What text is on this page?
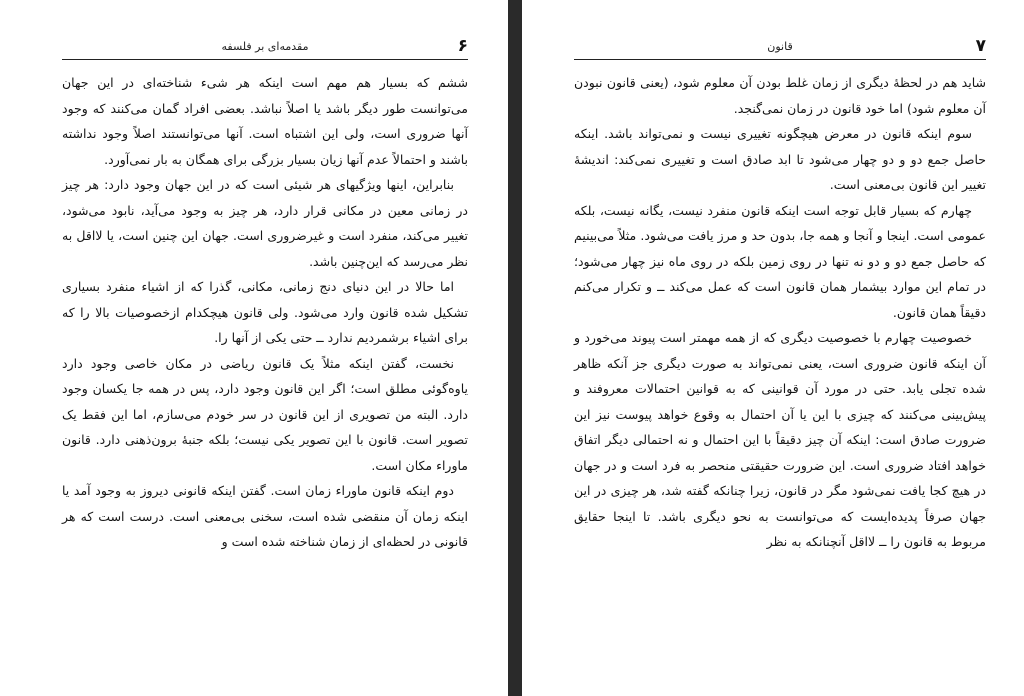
۶
مقدمه‌ای بر فلسفه

ششم که بسیار هم مهم است اینکه هر شیء شناخته‌ای در این جهان می‌توانست طور دیگر باشد یا اصلاً نباشد. بعضی افراد گمان می‌کنند که وجود آنها ضروری است، ولی این اشتباه است. آنها می‌توانستند اصلاً وجود نداشته باشند و احتمالاً عدم آنها زیان بسیار بزرگی برای همگان به بار نمی‌آورد.

بنابراین، اینها ویژگیهای هر شیئی است که در این جهان وجود دارد: هر چیز در زمانی معین در مکانی قرار دارد، هر چیز به وجود می‌آید، نابود می‌شود، تغییر می‌کند، منفرد است و غیرضروری است. جهان این چنین است، یا لااقل به نظر می‌رسد که این‌چنین باشد.

اما حالا در این دنیای دنج زمانی، مکانی، گذرا که از اشیاء منفرد بسیاری تشکیل شده قانون وارد می‌شود. ولی قانون هیچکدام ازخصوصیات بالا را که برای اشیاء برشمردیم ندارد ــ حتی یکی از آنها را.

نخست، گفتن اینکه مثلاً یک قانون ریاضی در مکان خاصی وجود دارد یاوه‌گوئی مطلق است؛ اگر این قانون وجود دارد، پس در همه جا یکسان وجود دارد. البته من تصویری از این قانون در سر خودم می‌سازم، اما این فقط یک تصویر است. قانون با این تصویر یکی نیست؛ بلکه جنبهٔ برون‌ذهنی دارد. قانون ماوراء مکان است.

دوم اینکه قانون ماوراء زمان است. گفتن اینکه قانونی دیروز به وجود آمد یا اینکه زمان آن منقضی شده است، سخنی بی‌معنی است. درست است که هر قانونی در لحظه‌ای از زمان شناخته شده است و

۷
قانون

شاید هم در لحظهٔ دیگری از زمان غلط بودن آن معلوم شود، (یعنی قانون نبودن آن معلوم شود) اما خود قانون در زمان نمی‌گنجد.

سوم اینکه قانون در معرض هیچگونه تغییری نیست و نمی‌تواند باشد. اینکه حاصل جمع دو و دو چهار می‌شود تا ابد صادق است و تغییری نمی‌کند: اندیشهٔ تغییر این قانون بی‌معنی است.

چهارم که بسیار قابل توجه است اینکه قانون منفرد نیست، یگانه نیست، بلکه عمومی است. اینجا و آنجا و همه جا، بدون حد و مرز یافت می‌شود. مثلاً می‌بینیم که حاصل جمع دو و دو نه تنها در روی زمین بلکه در روی ماه نیز چهار می‌شود؛ در تمام این موارد بیشمار همان قانون است که عمل می‌کند ــ و تکرار می‌کنم دقیقاً همان قانون.

خصوصیت چهارم با خصوصیت دیگری که از همه مهمتر است پیوند می‌خورد و آن اینکه قانون ضروری است، یعنی نمی‌تواند به صورت دیگری جز آنکه ظاهر شده تجلی یابد. حتی در مورد آن قوانینی که به قوانین احتمالات معروفند و پیش‌بینی می‌کنند که چیزی با این یا آن احتمال به وقوع خواهد پیوست نیز این ضرورت صادق است: اینکه آن چیز دقیقاً با این احتمال و نه احتمالی دیگر اتفاق خواهد افتاد ضروری است. این ضرورت حقیقتی منحصر به فرد است و در جهان در هیچ کجا یافت نمی‌شود مگر در قانون، زیرا چنانکه گفته شد، هر چیزی در این جهان صرفاً پدیده‌ایست که می‌توانست به نحو دیگری باشد. تا اینجا حقایق مربوط به قانون را ــ لااقل آنچنانکه به نظر
